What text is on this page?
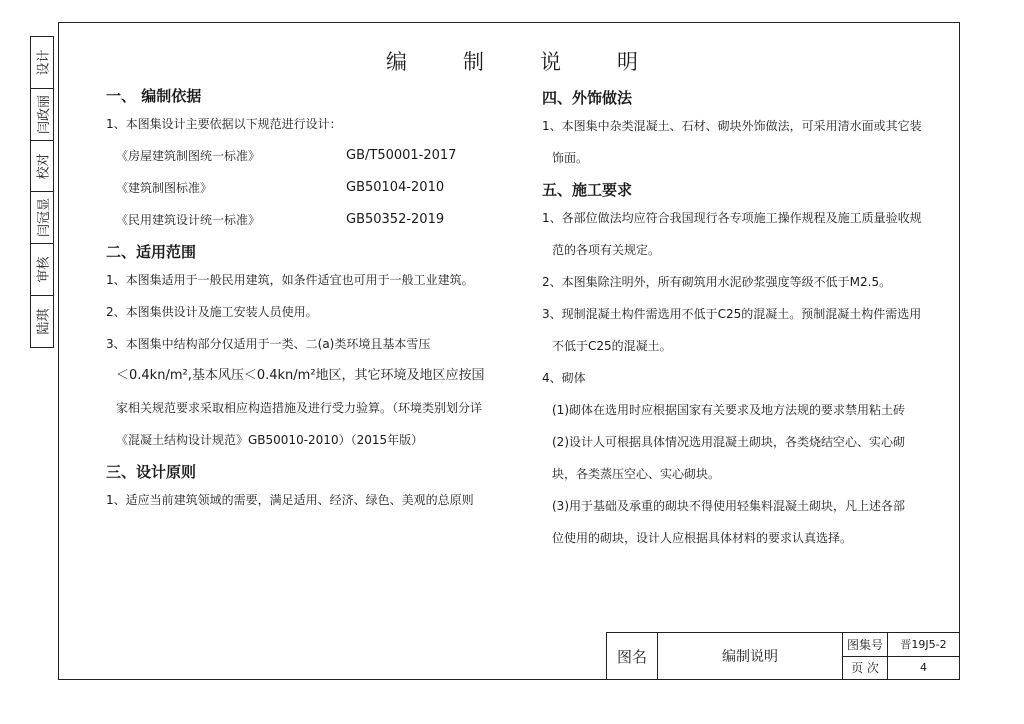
设计
闫政丽
校对
闫冠显
审核
陆琪
编制说明
一、 编制依据
1、本图集设计主要依据以下规范进行设计：
《房屋建筑制图统一标准》	GB/T50001-2017
《建筑制图标准》	GB50104-2010
《民用建筑设计统一标准》	GB50352-2019
二、适用范围
1、本图集适用于一般民用建筑，如条件适宜也可用于一般工业建筑。
2、本图集供设计及施工安装人员使用。
3、本图集中结构部分仅适用于一类、二(a)类环境且基本雪压
＜0.4kn/m²,基本风压＜0.4kn/m²地区，其它环境及地区应按国
家相关规范要求采取相应构造措施及进行受力验算。（环境类别划分详
《混凝土结构设计规范》GB50010-2010）（2015年版）
三、设计原则
1、适应当前建筑领域的需要，满足适用、经济、绿色、美观的总原则
四、外饰做法
1、本图集中杂类混凝土、石材、砌块外饰做法，可采用清水面或其它装
饰面。
五、施工要求
1、各部位做法均应符合我国现行各专项施工操作规程及施工质量验收规
范的各项有关规定。
2、本图集除注明外，所有砌筑用水泥砂浆强度等级不低于M2.5。
3、现制混凝土构件需选用不低于C25的混凝土。预制混凝土构件需选用
不低于C25的混凝土。
4、砌体
(1)砌体在选用时应根据国家有关要求及地方法规的要求禁用粘土砖
(2)设计人可根据具体情况选用混凝土砌块，各类烧结空心、实心砌
块，各类蒸压空心、实心砌块。
(3)用于基础及承重的砌块不得使用轻集料混凝土砌块，凡上述各部
位使用的砌块，设计人应根据具体材料的要求认真选择。
图名	编制说明
图集号	晋19J5-2
页 次	4
